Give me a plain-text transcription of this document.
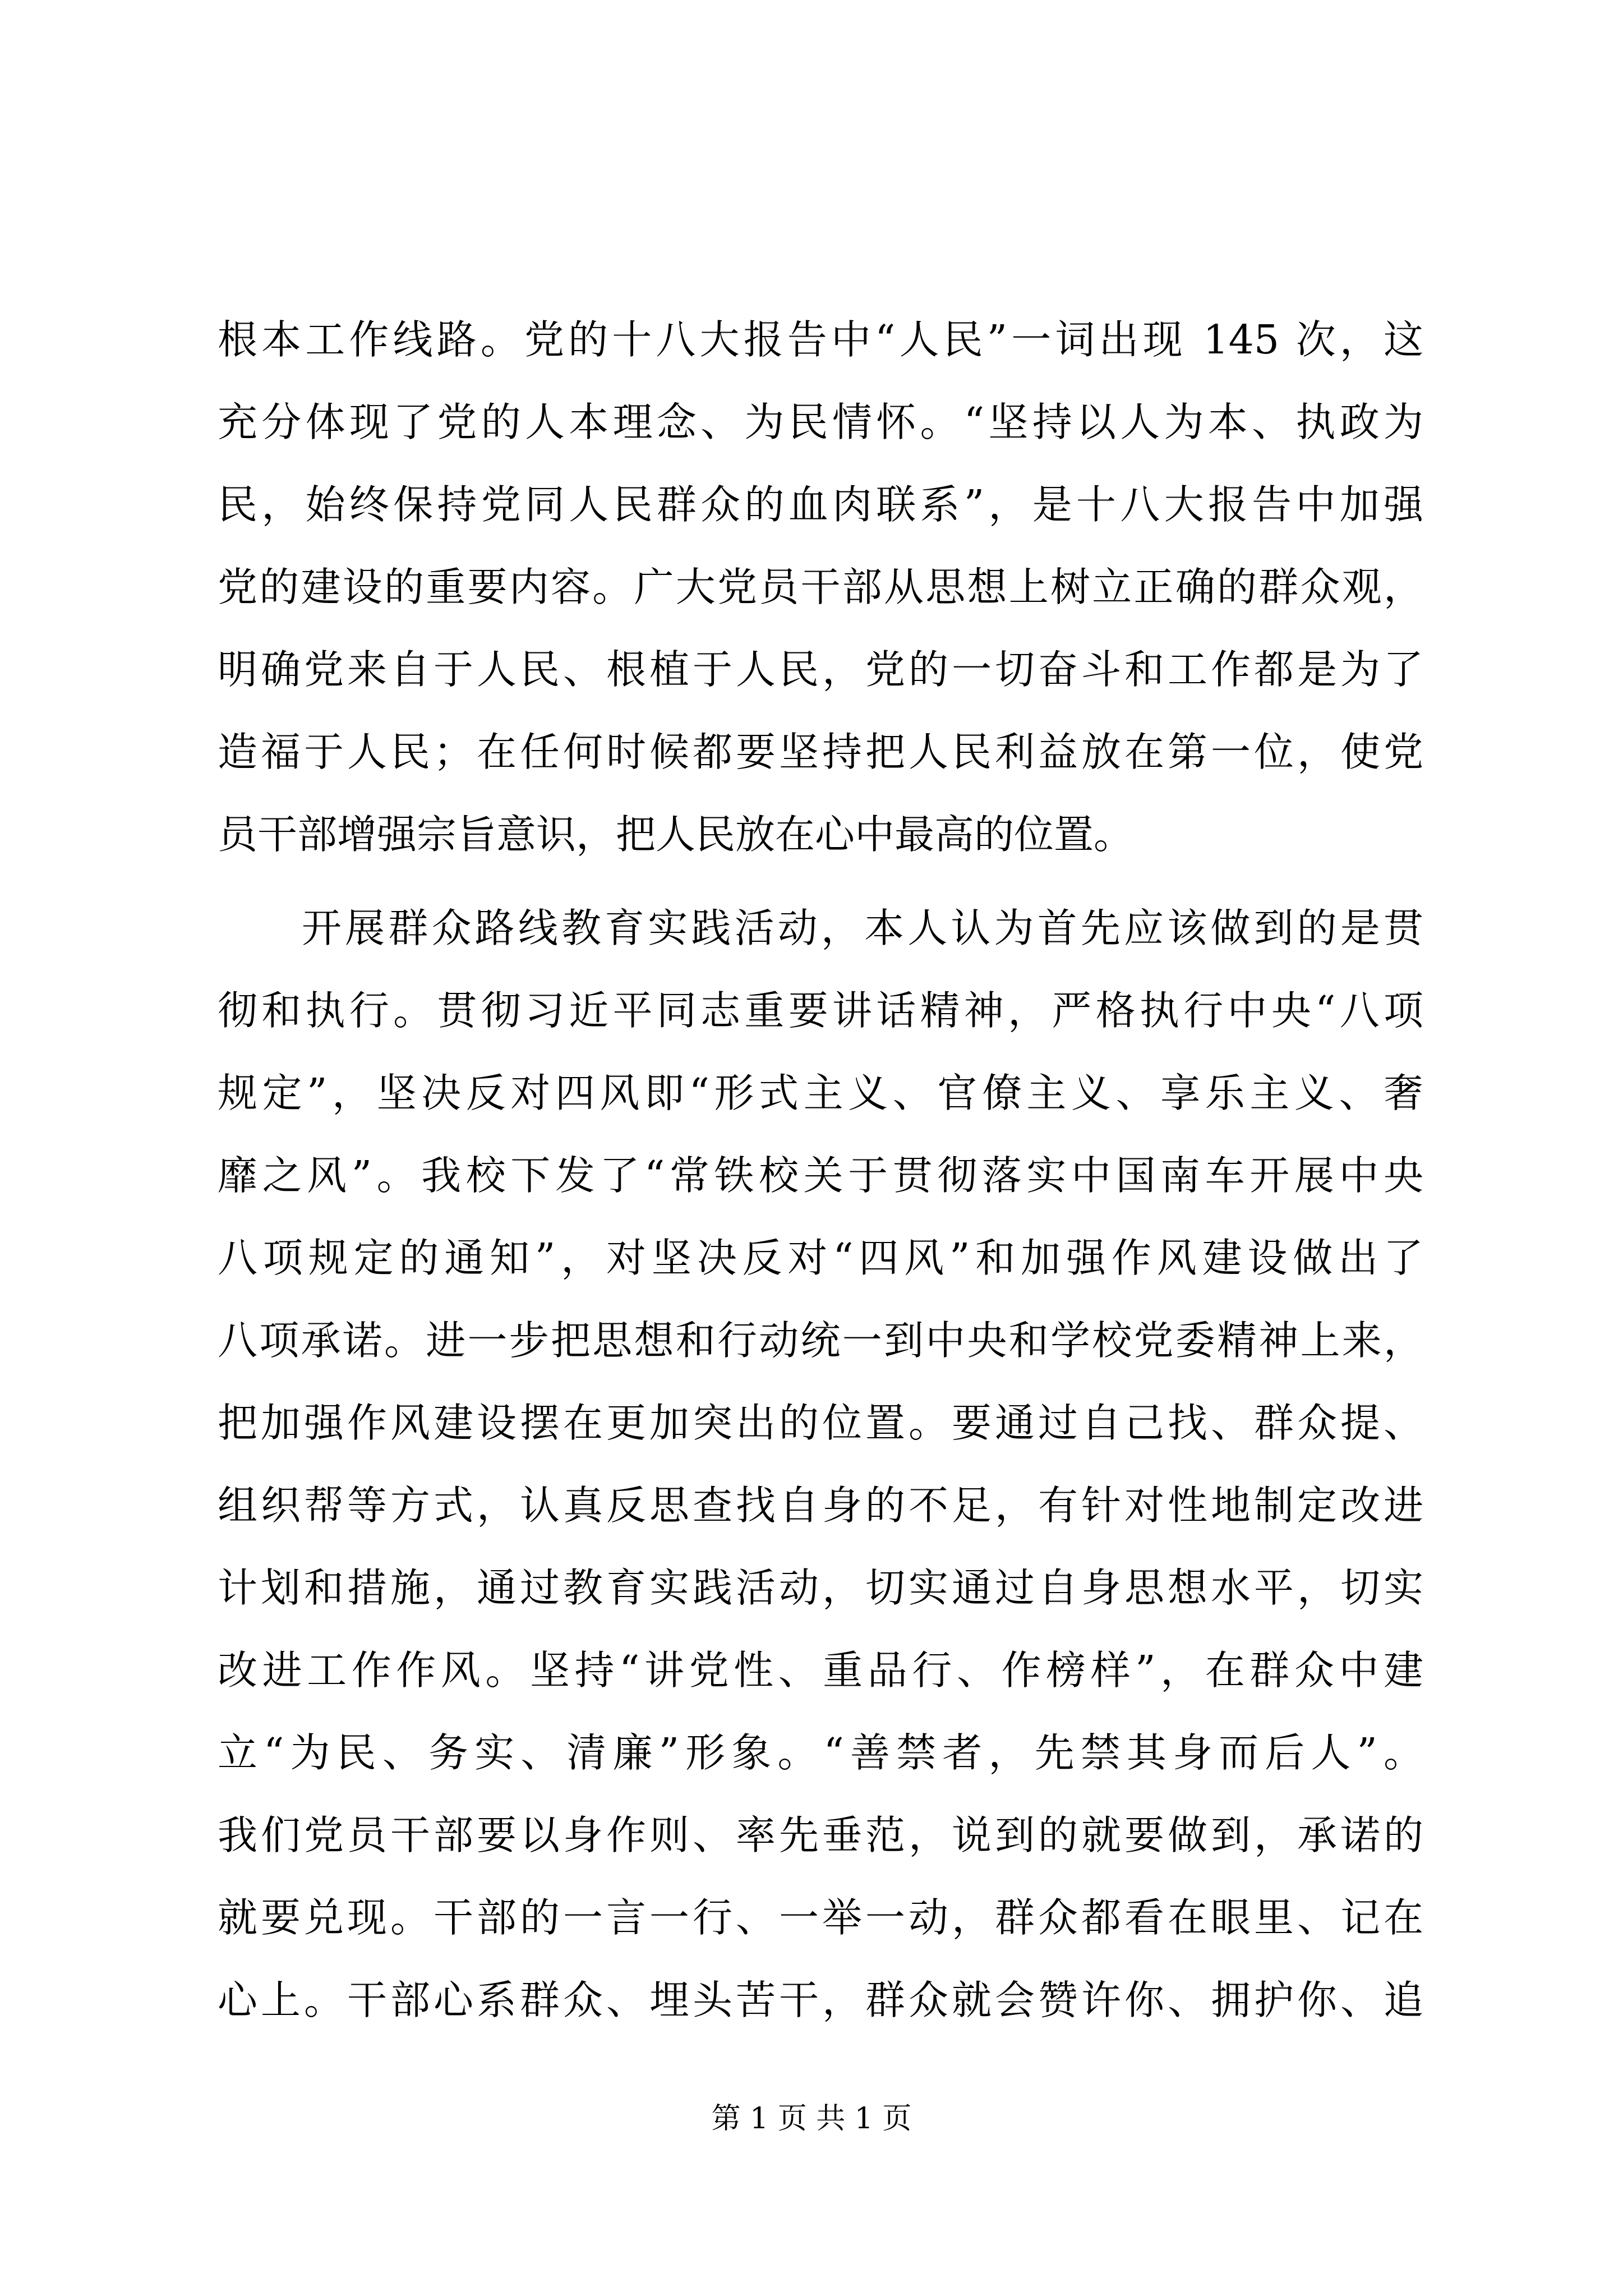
根本工作线路。党的十八大报告中“人民”一词出现 145 次，这
充分体现了党的人本理念、为民情怀。“坚持以人为本、执政为
民，始终保持党同人民群众的血肉联系”，是十八大报告中加强
党的建设的重要内容。广大党员干部从思想上树立正确的群众观，
明确党来自于人民、根植于人民，党的一切奋斗和工作都是为了
造福于人民；在任何时候都要坚持把人民利益放在第一位，使党
员干部增强宗旨意识，把人民放在心中最高的位置。
开展群众路线教育实践活动，本人认为首先应该做到的是贯
彻和执行。贯彻习近平同志重要讲话精神，严格执行中央“八项
规定”，坚决反对四风即“形式主义、官僚主义、享乐主义、奢
靡之风”。我校下发了“常铁校关于贯彻落实中国南车开展中央
八项规定的通知”，对坚决反对“四风”和加强作风建设做出了
八项承诺。进一步把思想和行动统一到中央和学校党委精神上来，
把加强作风建设摆在更加突出的位置。要通过自己找、群众提、
组织帮等方式，认真反思查找自身的不足，有针对性地制定改进
计划和措施，通过教育实践活动，切实通过自身思想水平，切实
改进工作作风。坚持“讲党性、重品行、作榜样”，在群众中建
立“为民、务实、清廉”形象。“善禁者，先禁其身而后人”。
我们党员干部要以身作则、率先垂范，说到的就要做到，承诺的
就要兑现。干部的一言一行、一举一动，群众都看在眼里、记在
心上。干部心系群众、埋头苦干，群众就会赞许你、拥护你、追
第 1 页 共 1 页
